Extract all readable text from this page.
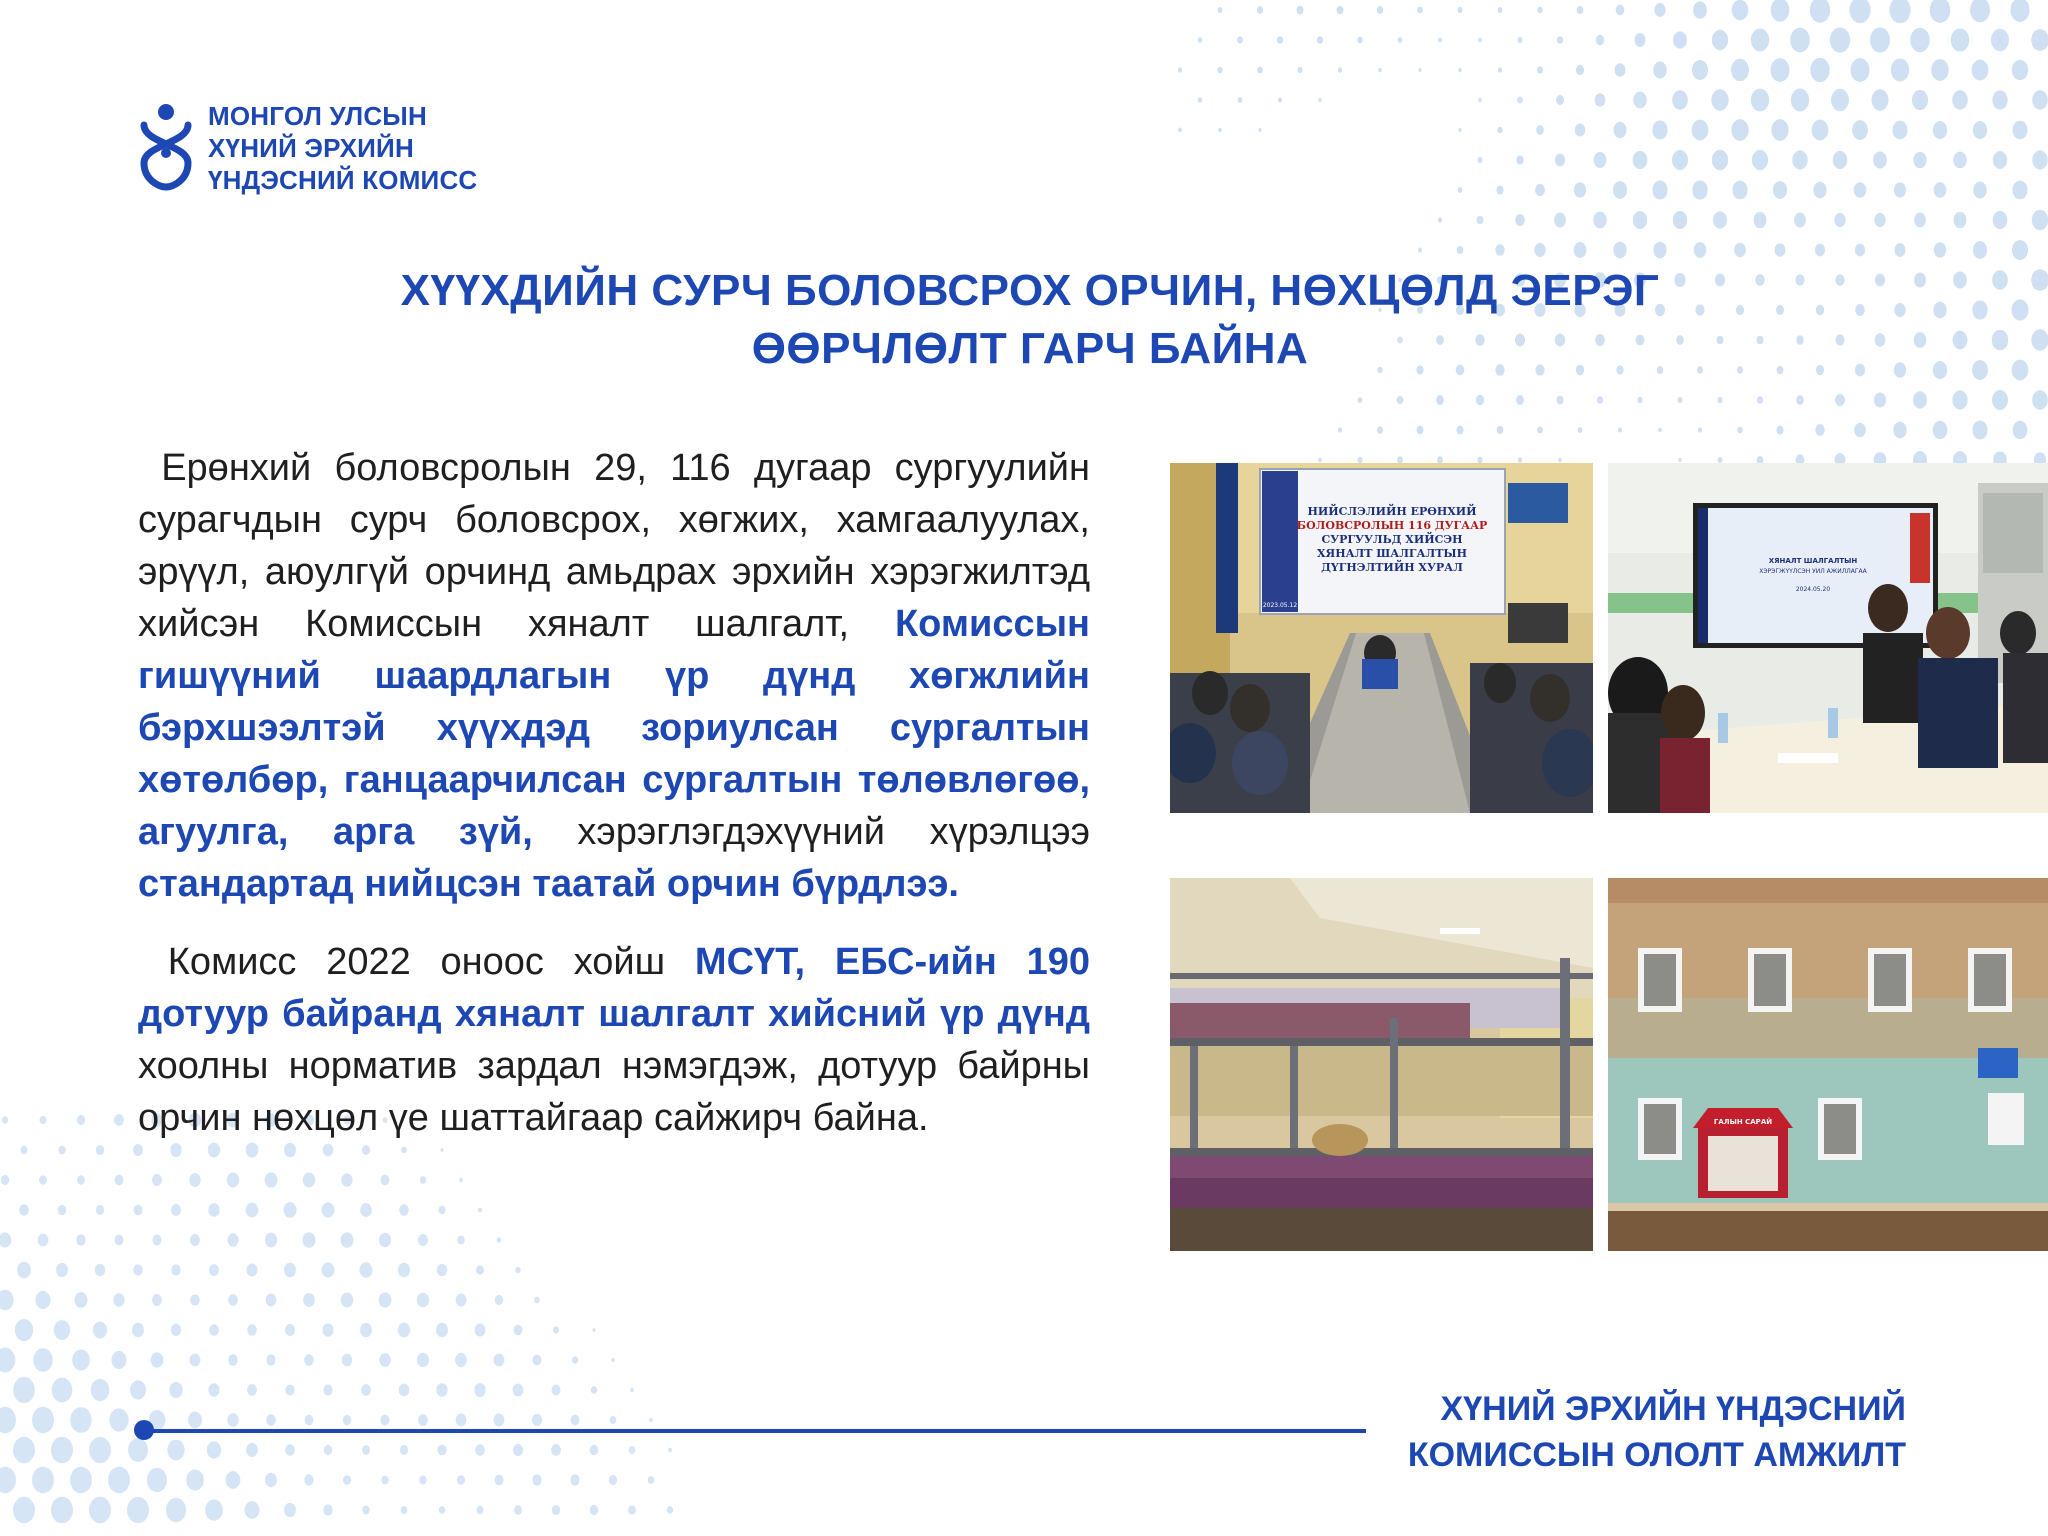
МОНГОЛ УЛСЫН
ХҮНИЙ ЭРХИЙН
ҮНДЭСНИЙ КОМИСС
ХҮҮХДИЙН СУРЧ БОЛОВСРОХ ОРЧИН, НӨХЦӨЛД ЭЕРЭГ
ӨӨРЧЛӨЛТ ГАРЧ БАЙНА

Ерөнхий боловсролын 29, 116 дугаар сургуулийн сурагчдын сурч боловсрох, хөгжих, хамгаалуулах, эрүүл, аюулгүй орчинд амьдрах эрхийн хэрэгжилтэд хийсэн Комиссын хяналт шалгалт, Комиссын гишүүний шаардлагын үр дүнд хөгжлийн бэрхшээлтэй хүүхдэд зориулсан сургалтын хөтөлбөр, ганцаарчилсан сургалтын төлөвлөгөө, агуулга, арга зүй, хэрэглэгдэхүүний хүрэлцээ стандартад нийцсэн таатай орчин бүрдлээ.

Комисс 2022 оноос хойш МСҮТ, ЕБС-ийн 190 дотуур байранд хяналт шалгалт хийсний үр дүнд хоолны норматив зардал нэмэгдэж, дотуур байрны орчин нөхцөл үе шаттайгаар сайжирч байна.

НИЙСЛЭЛИЙН ЕРӨНХИЙ
БОЛОВСРОЛЫН 116 ДУГААР
СУРГУУЛЬД ХИЙСЭН
ХЯНАЛТ ШАЛГАЛТЫН
ДҮГНЭЛТИЙН ХУРАЛ
2023.05.12
ХЯНАЛТ ШАЛГАЛТЫН
ХЭРЭГЖҮҮЛСЭН УИЛ АЖИЛЛАГАА
2024.05.20
ГАЛЫН САРАЙ
ХҮНИЙ ЭРХИЙН ҮНДЭСНИЙ
КОМИССЫН ОЛОЛТ АМЖИЛТ
